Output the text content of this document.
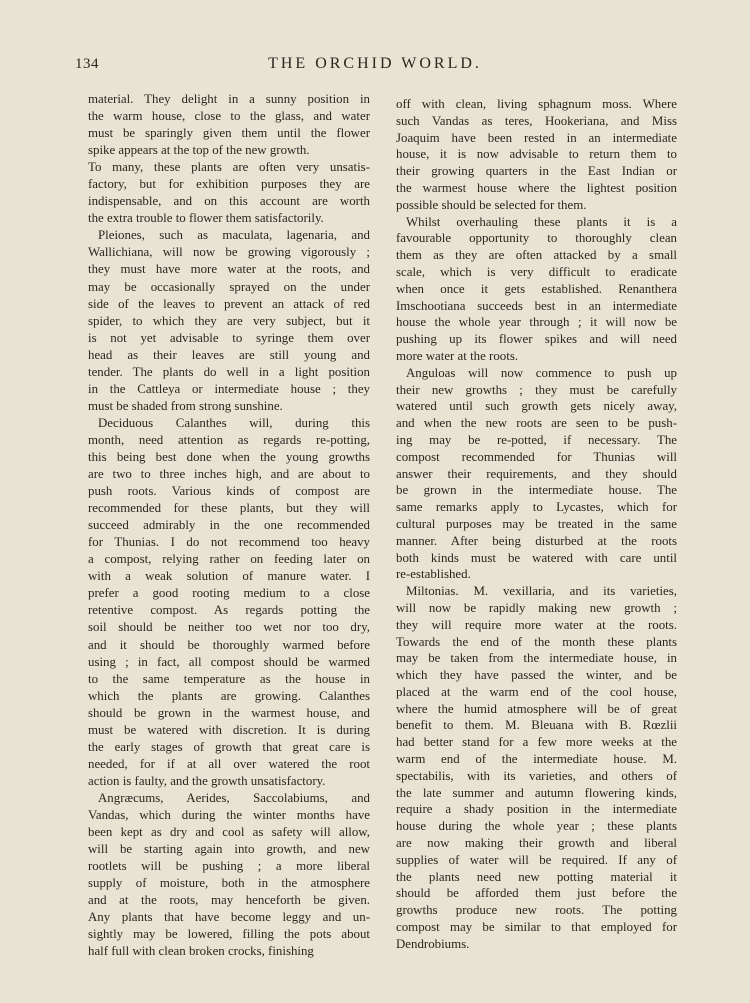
134	THE ORCHID WORLD.
material. They delight in a sunny position in
the warm house, close to the glass, and water
must be sparingly given them until the flower
spike appears at the top of the new growth.
To many, these plants are often very unsatis-
factory, but for exhibition purposes they are
indispensable, and on this account are worth
the extra trouble to flower them satisfactorily.
Pleiones, such as maculata, lagenaria, and
Wallichiana, will now be growing vigorously ;
they must have more water at the roots, and
may be occasionally sprayed on the under
side of the leaves to prevent an attack of red
spider, to which they are very subject, but it
is not yet advisable to syringe them over
head as their leaves are still young and
tender. The plants do well in a light position
in the Cattleya or intermediate house ; they
must be shaded from strong sunshine.
Deciduous Calanthes will, during this
month, need attention as regards re-potting,
this being best done when the young growths
are two to three inches high, and are about to
push roots. Various kinds of compost are
recommended for these plants, but they will
succeed admirably in the one recommended
for Thunias. I do not recommend too heavy
a compost, relying rather on feeding later on
with a weak solution of manure water. I
prefer a good rooting medium to a close
retentive compost. As regards potting the
soil should be neither too wet nor too dry,
and it should be thoroughly warmed before
using ; in fact, all compost should be warmed
to the same temperature as the house in
which the plants are growing. Calanthes
should be grown in the warmest house, and
must be watered with discretion. It is during
the early stages of growth that great care is
needed, for if at all over watered the root
action is faulty, and the growth unsatisfactory.
Angræcums, Aerides, Saccolabiums, and
Vandas, which during the winter months have
been kept as dry and cool as safety will allow,
will be starting again into growth, and new
rootlets will be pushing ; a more liberal
supply of moisture, both in the atmosphere
and at the roots, may henceforth be given.
Any plants that have become leggy and un-
sightly may be lowered, filling the pots about
half full with clean broken crocks, finishing
off with clean, living sphagnum moss. Where
such Vandas as teres, Hookeriana, and Miss
Joaquim have been rested in an intermediate
house, it is now advisable to return them to
their growing quarters in the East Indian or
the warmest house where the lightest position
possible should be selected for them.
Whilst overhauling these plants it is a
favourable opportunity to thoroughly clean
them as they are often attacked by a small
scale, which is very difficult to eradicate
when once it gets established. Renanthera
Imschootiana succeeds best in an intermediate
house the whole year through ; it will now be
pushing up its flower spikes and will need
more water at the roots.
Anguloas will now commence to push up
their new growths ; they must be carefully
watered until such growth gets nicely away,
and when the new roots are seen to be push-
ing may be re-potted, if necessary. The
compost recommended for Thunias will
answer their requirements, and they should
be grown in the intermediate house. The
same remarks apply to Lycastes, which for
cultural purposes may be treated in the same
manner. After being disturbed at the roots
both kinds must be watered with care until
re-established.
Miltonias. M. vexillaria, and its varieties,
will now be rapidly making new growth ;
they will require more water at the roots.
Towards the end of the month these plants
may be taken from the intermediate house, in
which they have passed the winter, and be
placed at the warm end of the cool house,
where the humid atmosphere will be of great
benefit to them. M. Bleuana with B. Rœzlii
had better stand for a few more weeks at the
warm end of the intermediate house. M.
spectabilis, with its varieties, and others of
the late summer and autumn flowering kinds,
require a shady position in the intermediate
house during the whole year ; these plants
are now making their growth and liberal
supplies of water will be required. If any of
the plants need new potting material it
should be afforded them just before the
growths produce new roots. The potting
compost may be similar to that employed for
Dendrobiums.
